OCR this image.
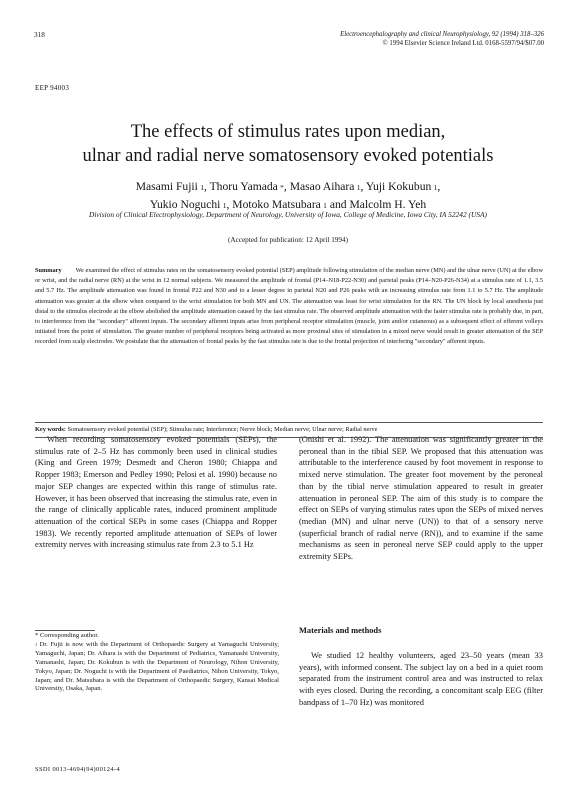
318	Electroencephalography and clinical Neurophysiology, 92 (1994) 318–326
© 1994 Elsevier Science Ireland Ltd. 0168-5597/94/$07.00
EEP 94003
The effects of stimulus rates upon median,
ulnar and radial nerve somatosensory evoked potentials

Masami Fujii  $^1$, Thoru Yamada  *, Masao Aihara  $^1$, Yuji Kokubun  $^1$,
Yukio Noguchi  $^1$, Motoko Matsubara  $^1$ and Malcolm H. Yeh

Division of Clinical Electrophysiology, Department of Neurology, University of Iowa, College of Medicine, Iowa City, IA 52242 (USA)
(Accepted for publication: 12 April 1994)

Summary We examined the effect of stimulus rates on the somatosensory evoked potential (SEP) amplitude following stimulation of the median nerve (MN) and the ulnar nerve (UN) at the elbow or wrist, and the radial nerve (RN) at the wrist in 12 normal subjects. We measured the amplitude of frontal (P14–N18-P22-N30) and parietal peaks (P14–N20-P26-N34) at a stimulus rate of 1.1, 3.5 and 5.7 Hz. The amplitude attenuation was found in frontal P22 and N30 and to a lesser degree in parietal N20 and P26 peaks with an increasing stimulus rate from 1.1 to 5.7 Hz. The amplitude attenuation was greater at the elbow when compared to the wrist stimulation for both MN and UN. The attenuation was least for wrist stimulation for the RN. The UN block by local anesthesia just distal to the stimulus electrode at the elbow abolished the amplitude attenuation caused by the fast stimulus rate. The observed amplitude attenuation with the faster stimulus rate is probably due, in part, to interference from the "secondary" afferent inputs. The secondary afferent inputs arise from peripheral receptor stimulation (muscle, joint and/or cutaneous) as a subsequent effect of efferent volleys initiated from the point of stimulation. The greater number of peripheral receptors being activated as more proximal sites of stimulation in a mixed nerve would result in greater attenuation of the SEP recorded from scalp electrodes. We postulate that the attenuation of frontal peaks by the fast stimulus rate is due to the frontal projection of interfering "secondary" afferent inputs.

Key words: Somatosensory evoked potential (SEP); Stimulus rate; Interference; Nerve block; Median nerve; Ulnar nerve; Radial nerve

When recording somatosensory evoked potentials (SEPs), the stimulus rate of 2–5 Hz has commonly been used in clinical studies (King and Green 1979; Desmedt and Cheron 1980; Chiappa and Ropper 1983; Emerson and Pedley 1990; Pelosi et al. 1990) because no major SEP changes are expected within this range of stimulus rate. However, it has been observed that increasing the stimulus rate, even in the range of clinically applicable rates, induced prominent amplitude attenuation of the cortical SEPs in some cases (Chiappa and Ropper 1983). We recently reported amplitude attenuation of SEPs of lower extremity nerves with increasing stimulus rate from 2.3 to 5.1 Hz

(Onishi et al. 1992). The attenuation was significantly greater in the peroneal than in the tibial SEP. We proposed that this attenuation was attributable to the interference caused by foot movement in response to mixed nerve stimulation. The greater foot movement by the peroneal than by the tibial nerve stimulation appeared to result in greater attenuation in peroneal SEP. The aim of this study is to compare the effect on SEPs of varying stimulus rates upon the SEPs of mixed nerves (median (MN) and ulnar nerve (UN)) to that of a sensory nerve (superficial branch of radial nerve (RN)), and to examine if the same mechanisms as seen in peroneal nerve SEP could apply to the upper extremity SEPs.

Materials and methods

We studied 12 healthy volunteers, aged 23–50 years (mean 33 years), with informed consent. The subject lay on a bed in a quiet room separated from the instrument control area and was instructed to relax with eyes closed. During the recording, a concomitant scalp EEG (filter bandpass of 1–70 Hz) was monitored

* Corresponding author.

$^1$ Dr. Fujii is now with the Department of Orthopaedic Surgery at Yamaguchi University, Yamaguchi, Japan; Dr. Aihara is with the Department of Pediatrics, Yamanashi University, Yamanashi, Japan; Dr. Kokubun is with the Department of Neurology, Nihon University, Tokyo, Japan; Dr. Noguchi is with the Department of Paediatrics, Nihon University, Tokyo, Japan; and Dr. Matsubara is with the Department of Orthopaedic Surgery, Kansai Medical University, Osaka, Japan.

SSDI 0013-4694(94)00124-4
